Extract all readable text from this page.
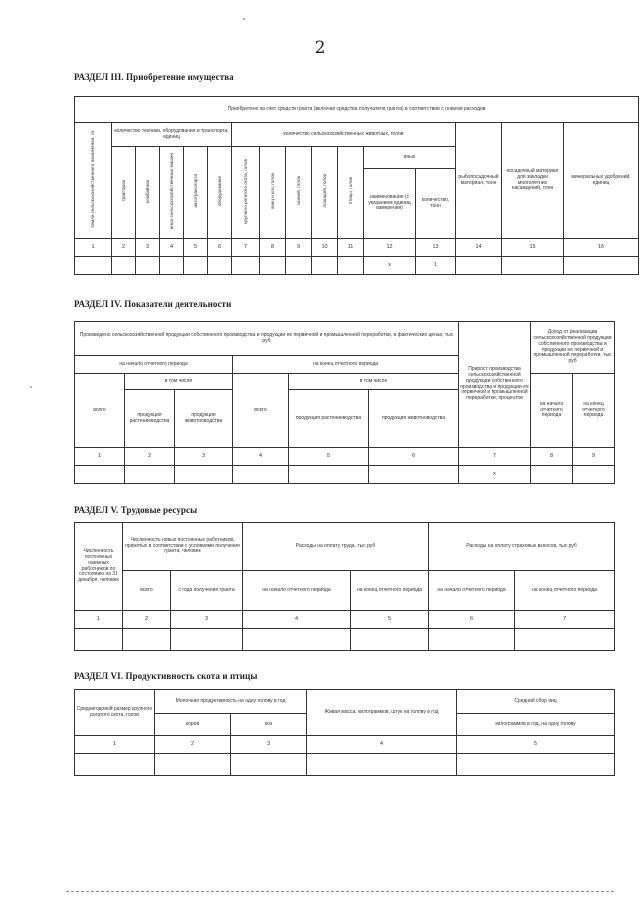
2
РАЗДЕЛ III. Приобретение имущества
Приобретено за счет средств гранта (включая средства получателя гранта) в соответствии с планом расходов															
земли сельскохозяйственного назначения, га	количество техники, оборудования и транспорта, единиц					количество сельскохозяйственных животных, голов							рыбопосадочный материал, тонн	посадочный материал для закладки многолетних насаждений, тонн	минеральных удобрений, единиц
	тракторов	комбайнов	иных сельскохозяйственных машин	автотранспорта	оборудования	крупного рогатого скота, голов	овец и коз, голов	свиней, голов	лошадей, голов	птицы, голов	иных				
											наименование (с указанием единиц измерения)	количество, тонн			
1	2	3	4	5	6	7	8	9	10	11	12	13	14	15	16
											x	1			
РАЗДЕЛ IV. Показатели деятельности
Произведено сельскохозяйственной продукции собственного производства и продукции ее первичной и промышленной переработки, в фактических ценах, тыс руб						Прирост производства сельскохозяйственной продукции собственного производства и продукции ее первичной и промышленной переработки, процентов	Доход от реализации сельскохозяйственной продукции собственного производства и продукции ее первичной и промышленной переработки, тыс руб	
на начало отчетного периода			на конец отчетного периода					
всего	в том числе		всего	в том числе			на начало отчетного периода	на конец отчетного периода
	продукция растениеводства	продукция животноводства		продукция растениеводства	продукция животноводства			
1	2	3	4	5	6	7	8	9
						x		
РАЗДЕЛ V. Трудовые ресурсы
Численность постоянных наемных работников по состоянию на 31 декабря, человек	Численность новых постоянных работников, принятых в соответствии с условиями получения гранта, человек		Расходы на оплату труда, тыс руб		Расходы на оплату страховых взносов, тыс руб	
	всего	с года получения гранта	на начало отчетного периода	на конец отчетного периода	на начало отчетного периода	на конец отчетного периода
1	2	3	4	5	6	7

РАЗДЕЛ VI. Продуктивность скота и птицы
Среднегодовой размер крупного рогатого скота, голов	Молочная продуктивность на одну голову в год		Живая масса, килограммов, штук на голову в год	Средний сбор яиц
	коров	коз		килограммов в год, на одну голову
1	2	3	4	5
